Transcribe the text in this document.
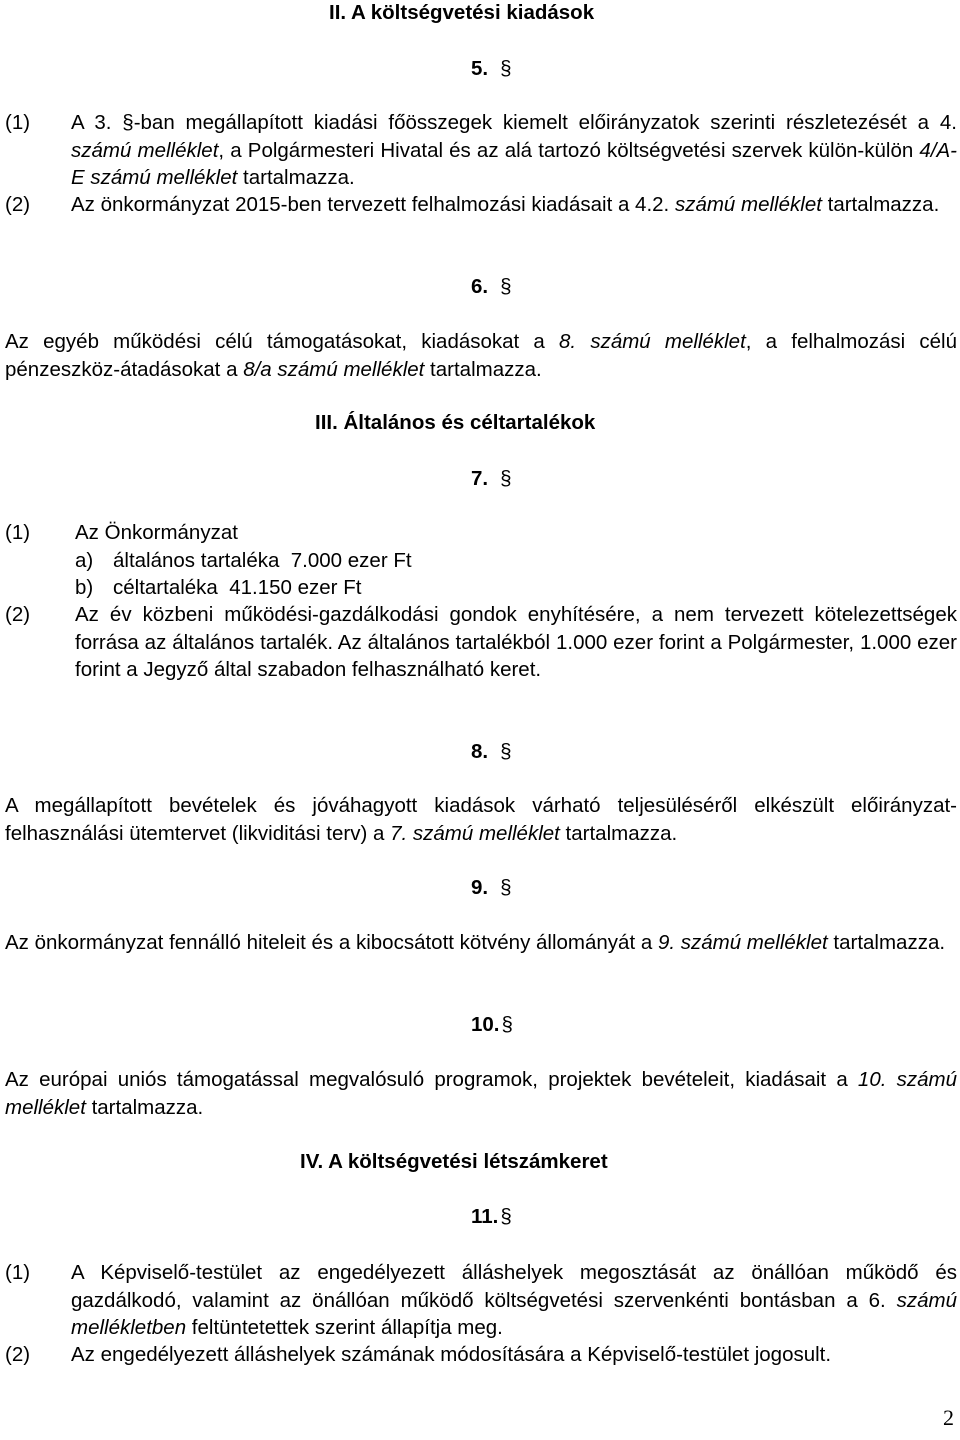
II. A költségvetési kiadások
5. §
(1) A 3. §-ban megállapított kiadási főösszegek kiemelt előirányzatok szerinti részletezését a 4. számú melléklet, a Polgármesteri Hivatal és az alá tartozó költségvetési szervek külön-külön 4/A-E számú melléklet tartalmazza.
(2) Az önkormányzat 2015-ben tervezett felhalmozási kiadásait a 4.2. számú melléklet tartalmazza.
6. §
Az egyéb működési célú támogatásokat, kiadásokat a 8. számú melléklet, a felhalmozási célú pénzeszköz-átadásokat a 8/a számú melléklet tartalmazza.
III. Általános és céltartalékok
7. §
(1) Az Önkormányzat
a) általános tartaléka  7.000 ezer Ft
b) céltartaléka  41.150 ezer Ft
(2) Az év közbeni működési-gazdálkodási gondok enyhítésére, a nem tervezett kötelezettségek forrása az általános tartalék. Az általános tartalékból 1.000 ezer forint a Polgármester, 1.000 ezer forint a Jegyző által szabadon felhasználható keret.
8. §
A megállapított bevételek és jóváhagyott kiadások várható teljesüléséről elkészült előirányzat-felhasználási ütemtervet (likviditási terv) a 7. számú melléklet tartalmazza.
9. §
Az önkormányzat fennálló hiteleit és a kibocsátott kötvény állományát a 9. számú melléklet tartalmazza.
10.§
Az európai uniós támogatással megvalósuló programok, projektek bevételeit, kiadásait a 10. számú melléklet tartalmazza.
IV. A költségvetési létszámkeret
11.§
(1) A Képviselő-testület az engedélyezett álláshelyek megosztását az önállóan működő és gazdálkodó, valamint az önállóan működő költségvetési szervenkénti bontásban a 6. számú mellékletben feltüntetettek szerint állapítja meg.
(2) Az engedélyezett álláshelyek számának módosítására a Képviselő-testület jogosult.
2
